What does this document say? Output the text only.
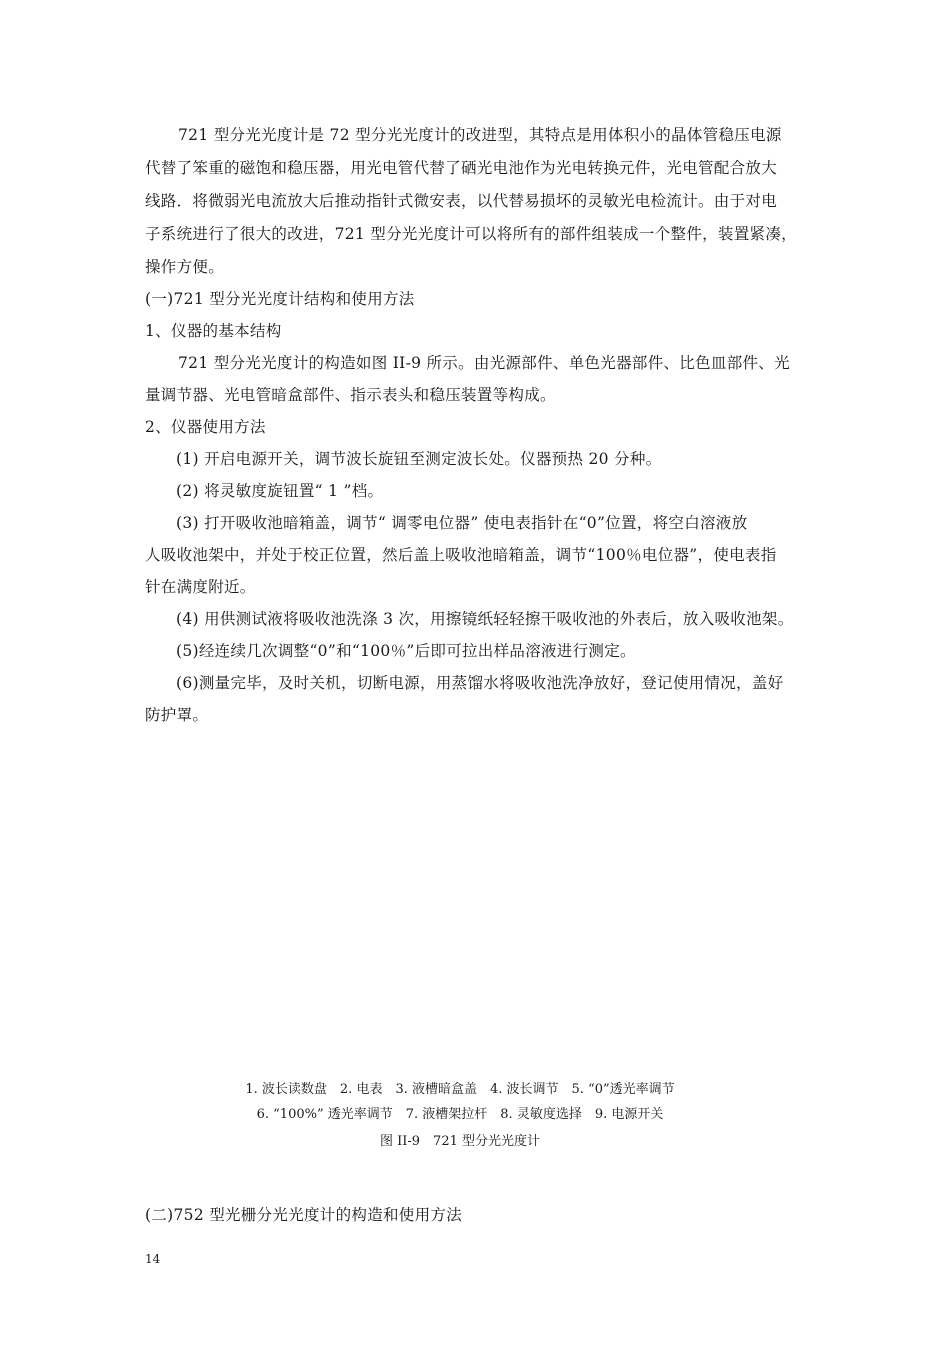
721 型分光光度计是 72 型分光光度计的改进型，其特点是用体积小的晶体管稳压电源
代替了笨重的磁饱和稳压器，用光电管代替了硒光电池作为光电转换元件，光电管配合放大
线路．将微弱光电流放大后推动指针式微安表，以代替易损坏的灵敏光电检流计。由于对电
子系统进行了很大的改进，721 型分光光度计可以将所有的部件组装成一个整件，装置紧凑，
操作方便。
(一)721 型分光光度计结构和使用方法
1、仪器的基本结构
721 型分光光度计的构造如图 II-9 所示。由光源部件、单色光器部件、比色皿部件、光
量调节器、光电管暗盒部件、指示表头和稳压装置等构成。
2、仪器使用方法
(1) 开启电源开关，调节波长旋钮至测定波长处。仪器预热 20 分种。
(2) 将灵敏度旋钮置“ 1 ”档。
(3) 打开吸收池暗箱盖，调节“ 调零电位器” 使电表指针在“0”位置，将空白溶液放
人吸收池架中，并处于校正位置，然后盖上吸收池暗箱盖，调节“100％电位器”，使电表指
针在满度附近。
(4) 用供测试液将吸收池洗涤 3 次，用擦镜纸轻轻擦干吸收池的外表后，放入吸收池架。
(5)经连续几次调整“0”和“100％”后即可拉出样品溶液进行测定。
(6)测量完毕，及时关机，切断电源，用蒸馏水将吸收池洗净放好，登记使用情况，盖好
防护罩。
1. 波长读数盘　2. 电表　3. 液槽暗盒盖　4. 波长调节　5. “0”透光率调节
6. “100%” 透光率调节　7. 液槽架拉杆　8. 灵敏度选择　9. 电源开关
图 II-9　721 型分光光度计
(二)752 型光栅分光光度计的构造和使用方法
14
